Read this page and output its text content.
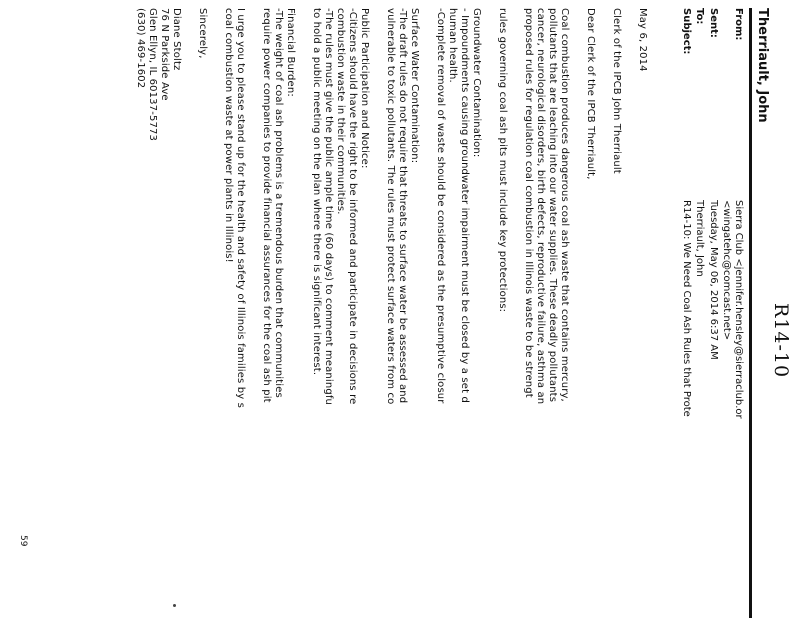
R14-10
Therriault, John
From:
Sierra Club <jennifer.hensley@sierraclub.or
<wingatehc@comcast.net>
Sent:
Tuesday, May 06, 2014 6:37 AM
To:
Therriault, John
Subject:
R14-10: We Need Coal Ash Rules that Prote
May 6, 2014
Clerk of the IPCB John Therriault
Dear Clerk of the IPCB Therriault,
Coal combustion produces dangerous coal ash waste that contains mercury,
pollutants that are leaching into our water supplies. These deadly pollutants
cancer, neurological disorders, birth defects, reproductive failure, asthma an
proposed rules for regulation coal combustion in Illinois waste to be strengt
rules governing coal ash pits must include key protections:
Groundwater Contamination:
- Impoundments causing groundwater impairment must be closed by a set d
human health.
-Complete removal of waste should be considered as the presumptive closur
Surface Water Contamination:
-The draft rules do not require that threats to surface water be assessed and
vulnerable to toxic pollutants. The rules must protect surface waters from co
Public Participation and Notice:
-Citizens should have the right to be informed and participate in decisions re
combustion waste in their communities.
-The rules must give the public ample time (60 days) to comment meaningfu
to hold a public meeting on the plan where there is significant interest.
Financial Burden:
-The weight of coal ash problems is a tremendous burden that communities
require power companies to provide financial assurances for the coal ash pit
I urge you to please stand up for the health and safety of Illinois families by s
coal combustion waste at power plants in Illinois!
Sincerely,
Diane Stoltz
76 N Parkside Ave
Glen Ellyn, IL 60137-5773
(630) 469-1602
59
